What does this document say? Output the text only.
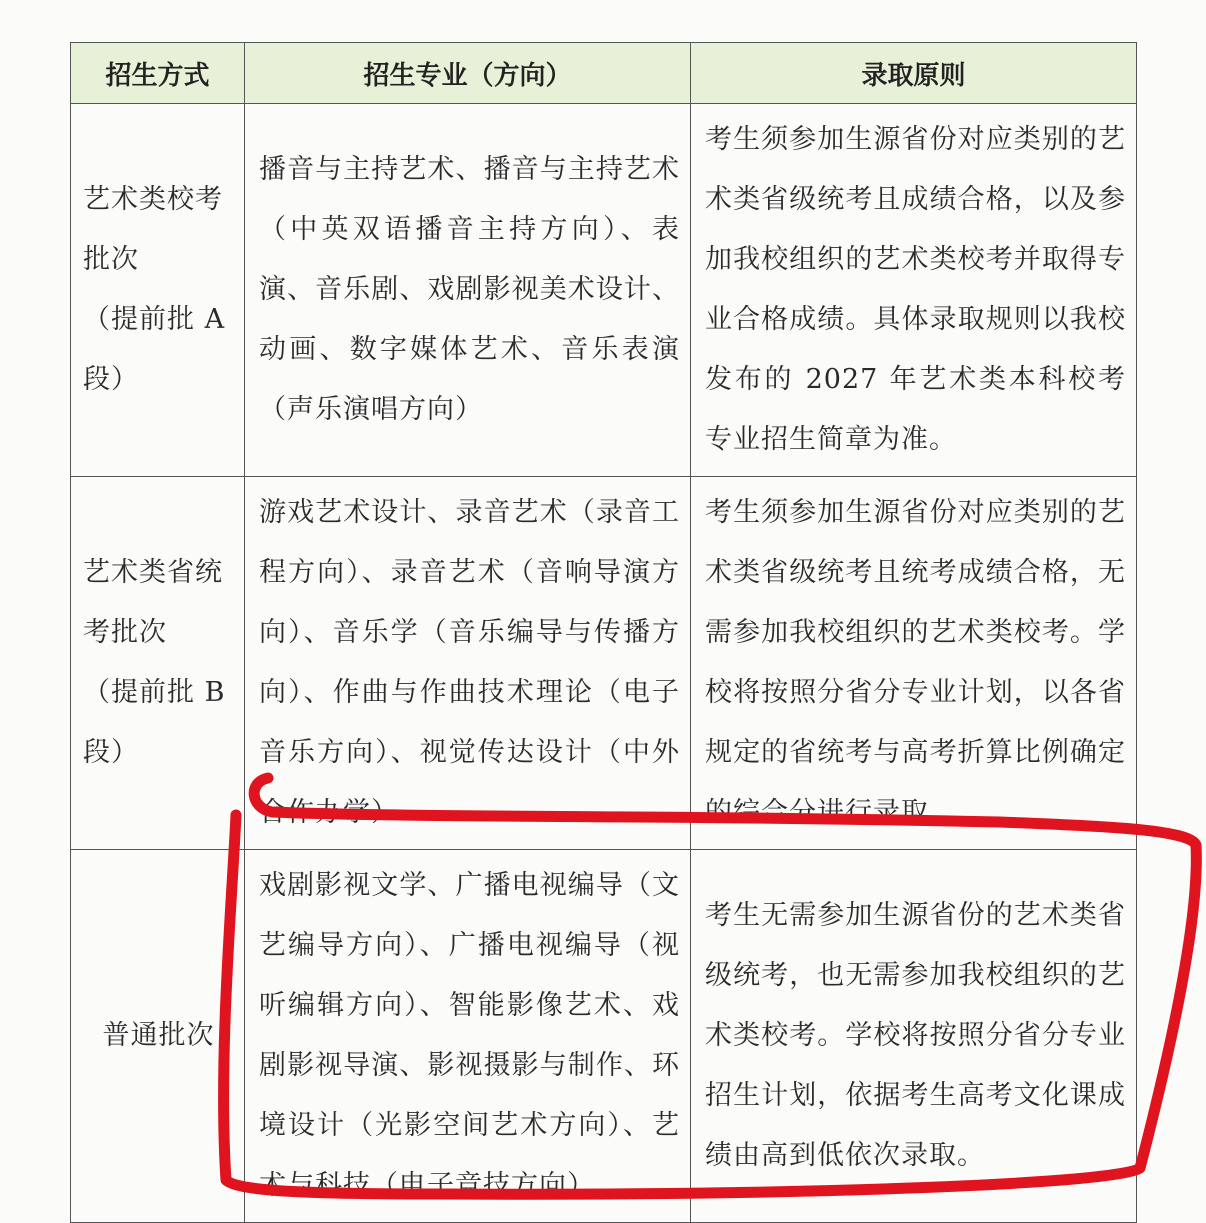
招生方式	招生专业（方向）	录取原则

艺术类校考
批次
（提前批 A
段）	播音与主持艺术、播音与主持艺术（中英双语播音主持方向）、表演、音乐剧、戏剧影视美术设计、动画、数字媒体艺术、音乐表演（声乐演唱方向）	考生须参加生源省份对应类别的艺术类省级统考且成绩合格，以及参加我校组织的艺术类校考并取得专业合格成绩。具体录取规则以我校发布的 2027 年艺术类本科校考专业招生简章为准。

艺术类省统
考批次
（提前批 B
段）	游戏艺术设计、录音艺术（录音工程方向）、录音艺术（音响导演方向）、音乐学（音乐编导与传播方向）、作曲与作曲技术理论（电子音乐方向）、视觉传达设计（中外合作办学）	考生须参加生源省份对应类别的艺术类省级统考且统考成绩合格，无需参加我校组织的艺术类校考。学校将按照分省分专业计划，以各省规定的省统考与高考折算比例确定的综合分进行录取。

普通批次	戏剧影视文学、广播电视编导（文艺编导方向）、广播电视编导（视听编辑方向）、智能影像艺术、戏剧影视导演、影视摄影与制作、环境设计（光影空间艺术方向）、艺术与科技（电子竞技方向）	考生无需参加生源省份的艺术类省级统考，也无需参加我校组织的艺术类校考。学校将按照分省分专业招生计划，依据考生高考文化课成绩由高到低依次录取。
